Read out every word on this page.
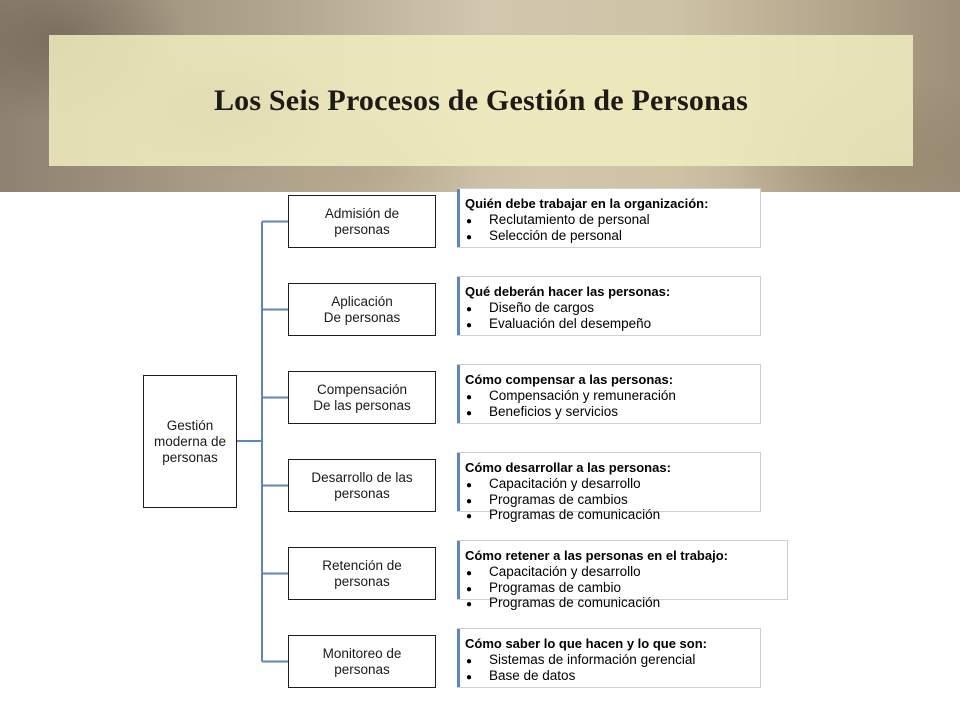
Los Seis Procesos de Gestión de Personas
Gestión
moderna de
personas
Admisión de
personas
Quién debe trabajar en la organización:
● Reclutamiento de personal
● Selección de personal
Aplicación
De personas
Qué deberán hacer las personas:
● Diseño de cargos
● Evaluación del desempeño
Compensación
De las personas
Cómo compensar a las personas:
● Compensación y remuneración
● Beneficios y servicios
Desarrollo de las
personas
Cómo desarrollar a las personas:
● Capacitación y desarrollo
● Programas de cambios
● Programas de comunicación
Retención de
personas
Cómo retener a las personas en el trabajo:
● Capacitación y desarrollo
● Programas de cambio
● Programas de comunicación
Monitoreo de
personas
Cómo saber lo que hacen y lo que son:
● Sistemas de información gerencial
● Base de datos
